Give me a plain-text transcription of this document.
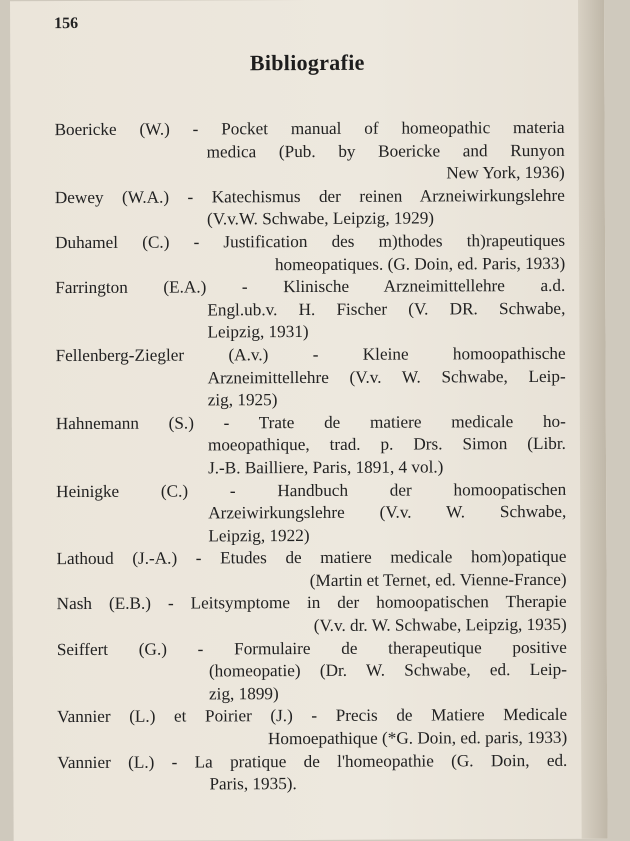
156
Bibliografie
Boericke (W.) - Pocket manual of homeopathic materia
medica (Pub. by Boericke and Runyon
New York, 1936)
Dewey (W.A.) - Katechismus der reinen Arzneiwirkungslehre
(V.v.W. Schwabe, Leipzig, 1929)
Duhamel (C.) - Justification des m)thodes th)rapeutiques
homeopatiques. (G. Doin, ed. Paris, 1933)
Farrington (E.A.) - Klinische Arzneimittellehre a.d.
Engl.ub.v. H. Fischer (V. DR. Schwabe,
Leipzig, 1931)
Fellenberg-Ziegler (A.v.) - Kleine homoopathische
Arzneimittellehre (V.v. W. Schwabe, Leip-
zig, 1925)
Hahnemann (S.) - Trate de matiere medicale ho-
moeopathique, trad. p. Drs. Simon (Libr.
J.-B. Bailliere, Paris, 1891, 4 vol.)
Heinigke (C.) - Handbuch der homoopatischen
Arzeiwirkungslehre (V.v. W. Schwabe,
Leipzig, 1922)
Lathoud (J.-A.) - Etudes de matiere medicale hom)opatique
(Martin et Ternet, ed. Vienne-France)
Nash (E.B.) - Leitsymptome in der homoopatischen Therapie
(V.v. dr. W. Schwabe, Leipzig, 1935)
Seiffert (G.) - Formulaire de therapeutique positive
(homeopatie) (Dr. W. Schwabe, ed. Leip-
zig, 1899)
Vannier (L.) et Poirier (J.) - Precis de Matiere Medicale
Homoepathique (*G. Doin, ed. paris, 1933)
Vannier (L.) - La pratique de l'homeopathie (G. Doin, ed.
Paris, 1935).
